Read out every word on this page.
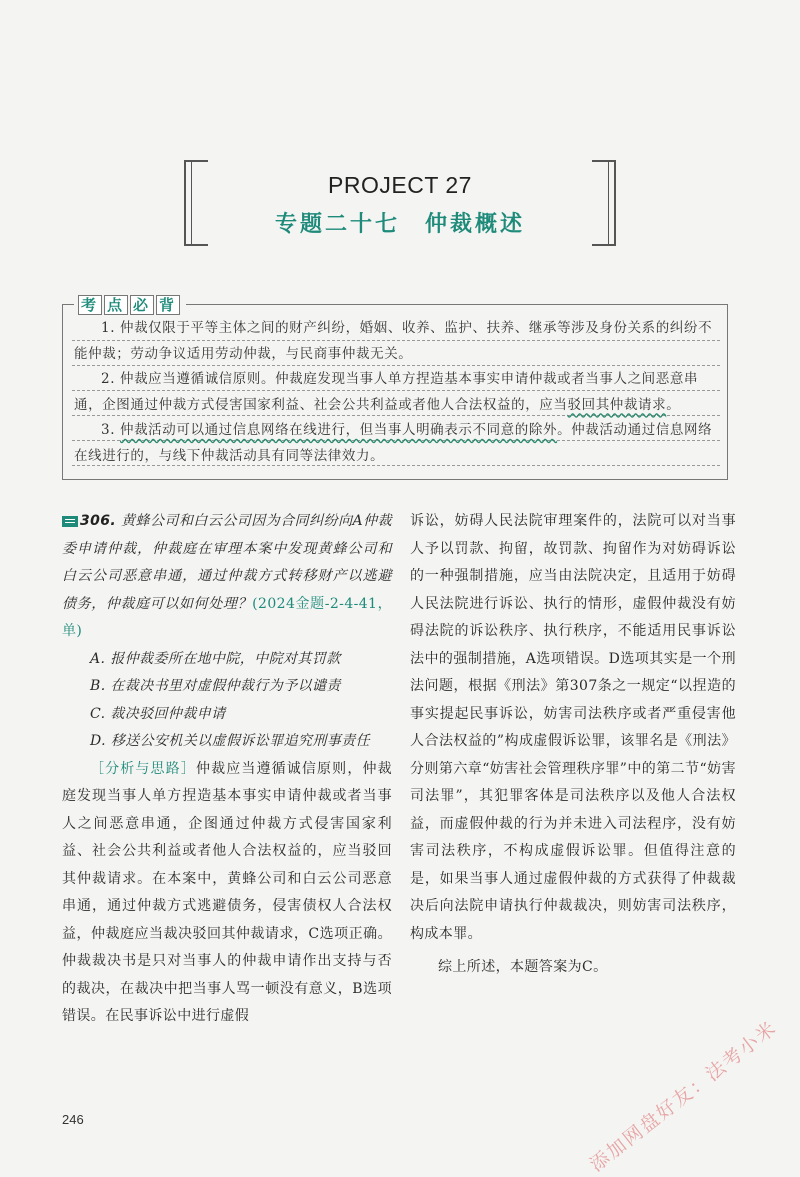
PROJECT 27
专题二十七　仲裁概述
考 点 必 背

1. 仲裁仅限于平等主体之间的财产纠纷，婚姻、收养、监护、扶养、继承等涉及身份关系的纠纷不能仲裁；劳动争议适用劳动仲裁，与民商事仲裁无关。

2. 仲裁应当遵循诚信原则。仲裁庭发现当事人单方捏造基本事实申请仲裁或者当事人之间恶意串通，企图通过仲裁方式侵害国家利益、社会公共利益或者他人合法权益的，应当驳回其仲裁请求。

3. 仲裁活动可以通过信息网络在线进行，但当事人明确表示不同意的除外。仲裁活动通过信息网络在线进行的，与线下仲裁活动具有同等法律效力。

306. 黄蜂公司和白云公司因为合同纠纷向A仲裁委申请仲裁，仲裁庭在审理本案中发现黄蜂公司和白云公司恶意串通，通过仲裁方式转移财产以逃避债务，仲裁庭可以如何处理？(2024金题-2-4-41，单)

A. 报仲裁委所在地中院，中院对其罚款

B. 在裁决书里对虚假仲裁行为予以谴责

C. 裁决驳回仲裁申请

D. 移送公安机关以虚假诉讼罪追究刑事责任

［分析与思路］仲裁应当遵循诚信原则，仲裁庭发现当事人单方捏造基本事实申请仲裁或者当事人之间恶意串通，企图通过仲裁方式侵害国家利益、社会公共利益或者他人合法权益的，应当驳回其仲裁请求。在本案中，黄蜂公司和白云公司恶意串通，通过仲裁方式逃避债务，侵害债权人合法权益，仲裁庭应当裁决驳回其仲裁请求，C选项正确。仲裁裁决书是只对当事人的仲裁申请作出支持与否的裁决，在裁决中把当事人骂一顿没有意义，B选项错误。在民事诉讼中进行虚假

诉讼，妨碍人民法院审理案件的，法院可以对当事人予以罚款、拘留，故罚款、拘留作为对妨碍诉讼的一种强制措施，应当由法院决定，且适用于妨碍人民法院进行诉讼、执行的情形，虚假仲裁没有妨碍法院的诉讼秩序、执行秩序，不能适用民事诉讼法中的强制措施，A选项错误。D选项其实是一个刑法问题，根据《刑法》第307条之一规定“以捏造的事实提起民事诉讼，妨害司法秩序或者严重侵害他人合法权益的”构成虚假诉讼罪，该罪名是《刑法》分则第六章“妨害社会管理秩序罪”中的第二节“妨害司法罪”，其犯罪客体是司法秩序以及他人合法权益，而虚假仲裁的行为并未进入司法程序，没有妨害司法秩序，不构成虚假诉讼罪。但值得注意的是，如果当事人通过虚假仲裁的方式获得了仲裁裁决后向法院申请执行仲裁裁决，则妨害司法秩序，构成本罪。

综上所述，本题答案为C。

246	添加网盘好友：法考小米
